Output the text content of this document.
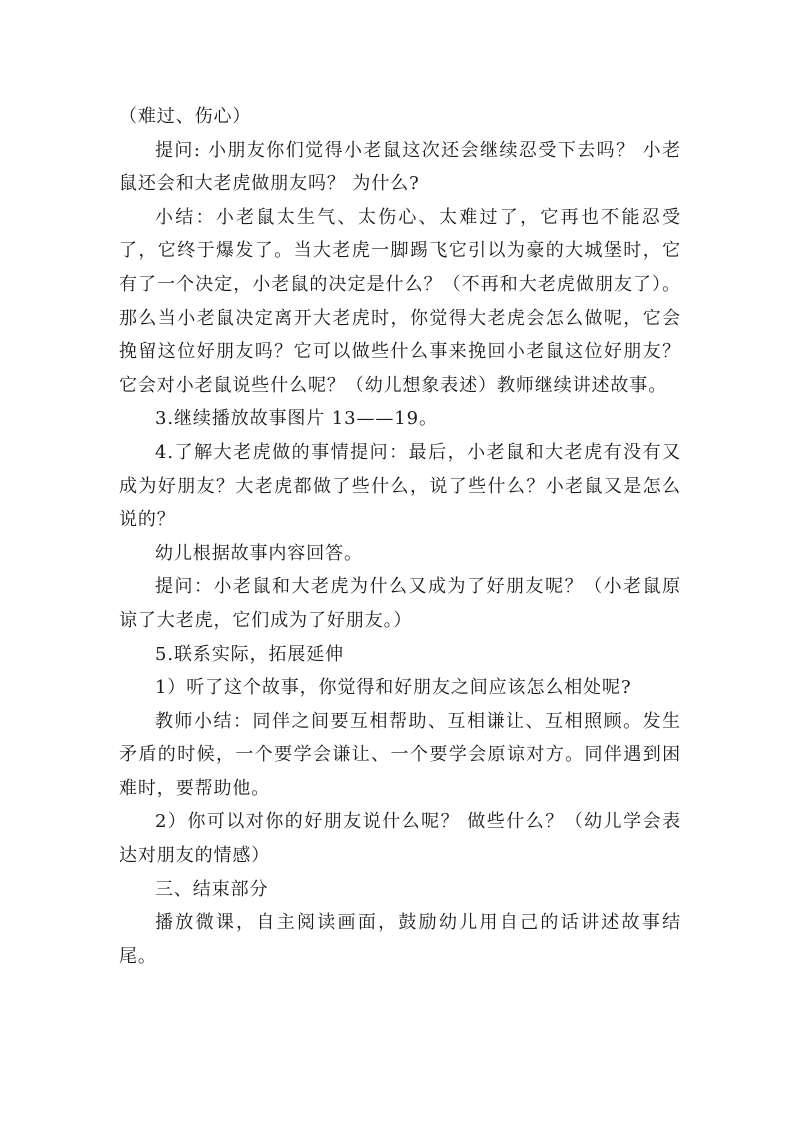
（难过、伤心）

提问: 小朋友你们觉得小老鼠这次还会继续忍受下去吗？ 小老鼠还会和大老虎做朋友吗？ 为什么?

小结：小老鼠太生气、太伤心、太难过了，它再也不能忍受了，它终于爆发了。当大老虎一脚踢飞它引以为豪的大城堡时，它有了一个决定，小老鼠的决定是什么？（不再和大老虎做朋友了）。那么当小老鼠决定离开大老虎时，你觉得大老虎会怎么做呢，它会挽留这位好朋友吗？它可以做些什么事来挽回小老鼠这位好朋友？它会对小老鼠说些什么呢？（幼儿想象表述）教师继续讲述故事。

3.继续播放故事图片 13——19。

4.了解大老虎做的事情提问：最后，小老鼠和大老虎有没有又成为好朋友？大老虎都做了些什么，说了些什么？小老鼠又是怎么说的？

幼儿根据故事内容回答。

提问：小老鼠和大老虎为什么又成为了好朋友呢？（小老鼠原谅了大老虎，它们成为了好朋友。）

5.联系实际，拓展延伸

1）听了这个故事，你觉得和好朋友之间应该怎么相处呢?

教师小结：同伴之间要互相帮助、互相谦让、互相照顾。发生矛盾的时候，一个要学会谦让、一个要学会原谅对方。同伴遇到困难时，要帮助他。

2）你可以对你的好朋友说什么呢？ 做些什么？（幼儿学会表达对朋友的情感）

三、结束部分

播放微课，自主阅读画面，鼓励幼儿用自己的话讲述故事结尾。
